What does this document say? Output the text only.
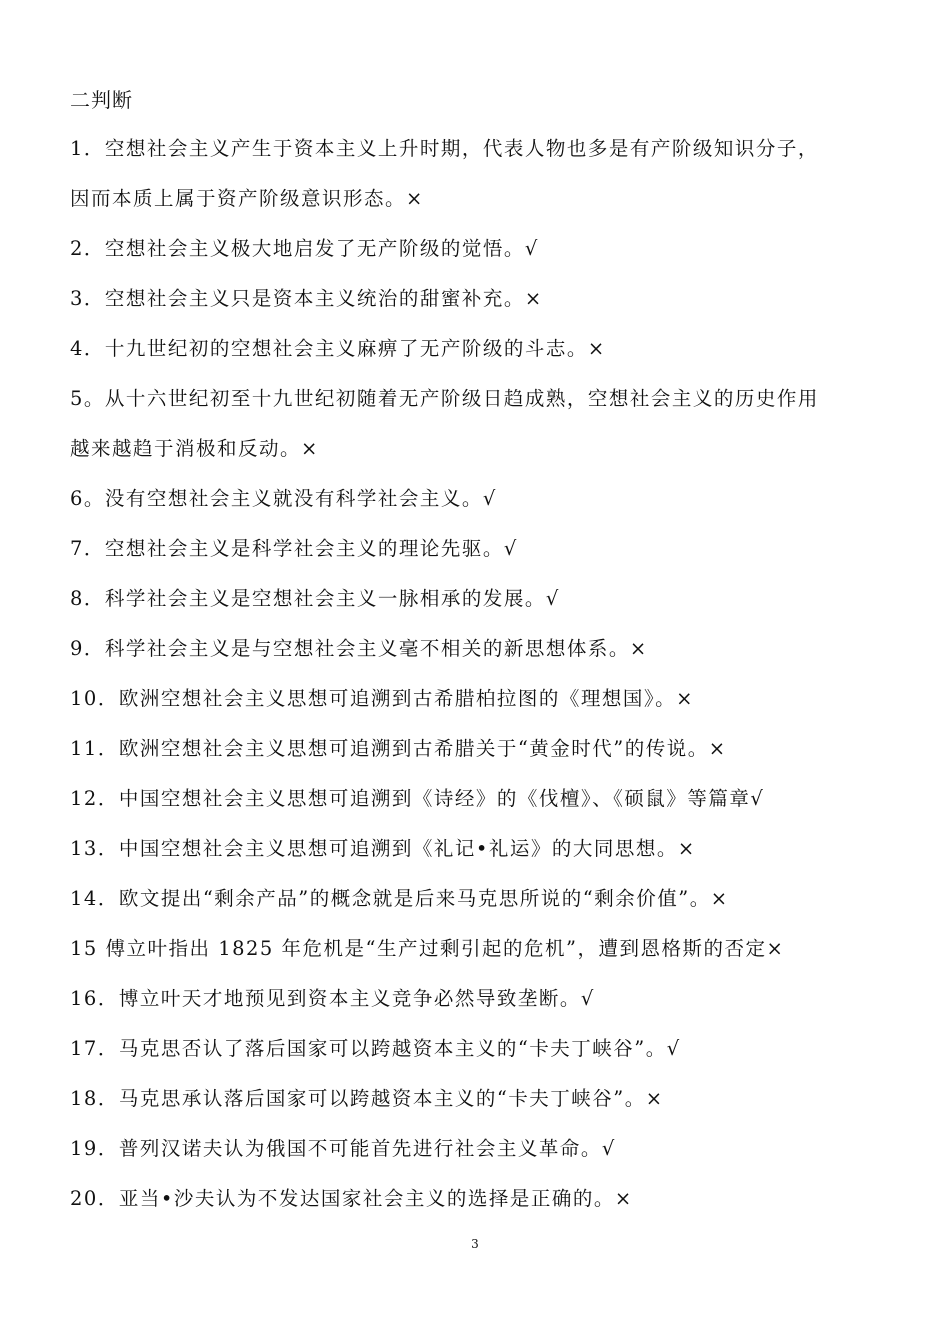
二判断
1．空想社会主义产生于资本主义上升时期，代表人物也多是有产阶级知识分子，
因而本质上属于资产阶级意识形态。×
2．空想社会主义极大地启发了无产阶级的觉悟。√
3．空想社会主义只是资本主义统治的甜蜜补充。×
4．十九世纪初的空想社会主义麻痹了无产阶级的斗志。×
5。从十六世纪初至十九世纪初随着无产阶级日趋成熟，空想社会主义的历史作用
越来越趋于消极和反动。×
6。没有空想社会主义就没有科学社会主义。√
7．空想社会主义是科学社会主义的理论先驱。√
8．科学社会主义是空想社会主义一脉相承的发展。√
9．科学社会主义是与空想社会主义毫不相关的新思想体系。×
10．欧洲空想社会主义思想可追溯到古希腊柏拉图的《理想国》。×
11．欧洲空想社会主义思想可追溯到古希腊关于“黄金时代”的传说。×
12．中国空想社会主义思想可追溯到《诗经》的《伐檀》、《硕鼠》等篇章√
13．中国空想社会主义思想可追溯到《礼记•礼运》的大同思想。×
14．欧文提出“剩余产品”的概念就是后来马克思所说的“剩余价值”。×
15 傅立叶指出 1825 年危机是“生产过剩引起的危机”，遭到恩格斯的否定×
16．博立叶天才地预见到资本主义竞争必然导致垄断。√
17．马克思否认了落后国家可以跨越资本主义的“卡夫丁峡谷”。√
18．马克思承认落后国家可以跨越资本主义的“卡夫丁峡谷”。×
19．普列汉诺夫认为俄国不可能首先进行社会主义革命。√
20．亚当•沙夫认为不发达国家社会主义的选择是正确的。×
3
